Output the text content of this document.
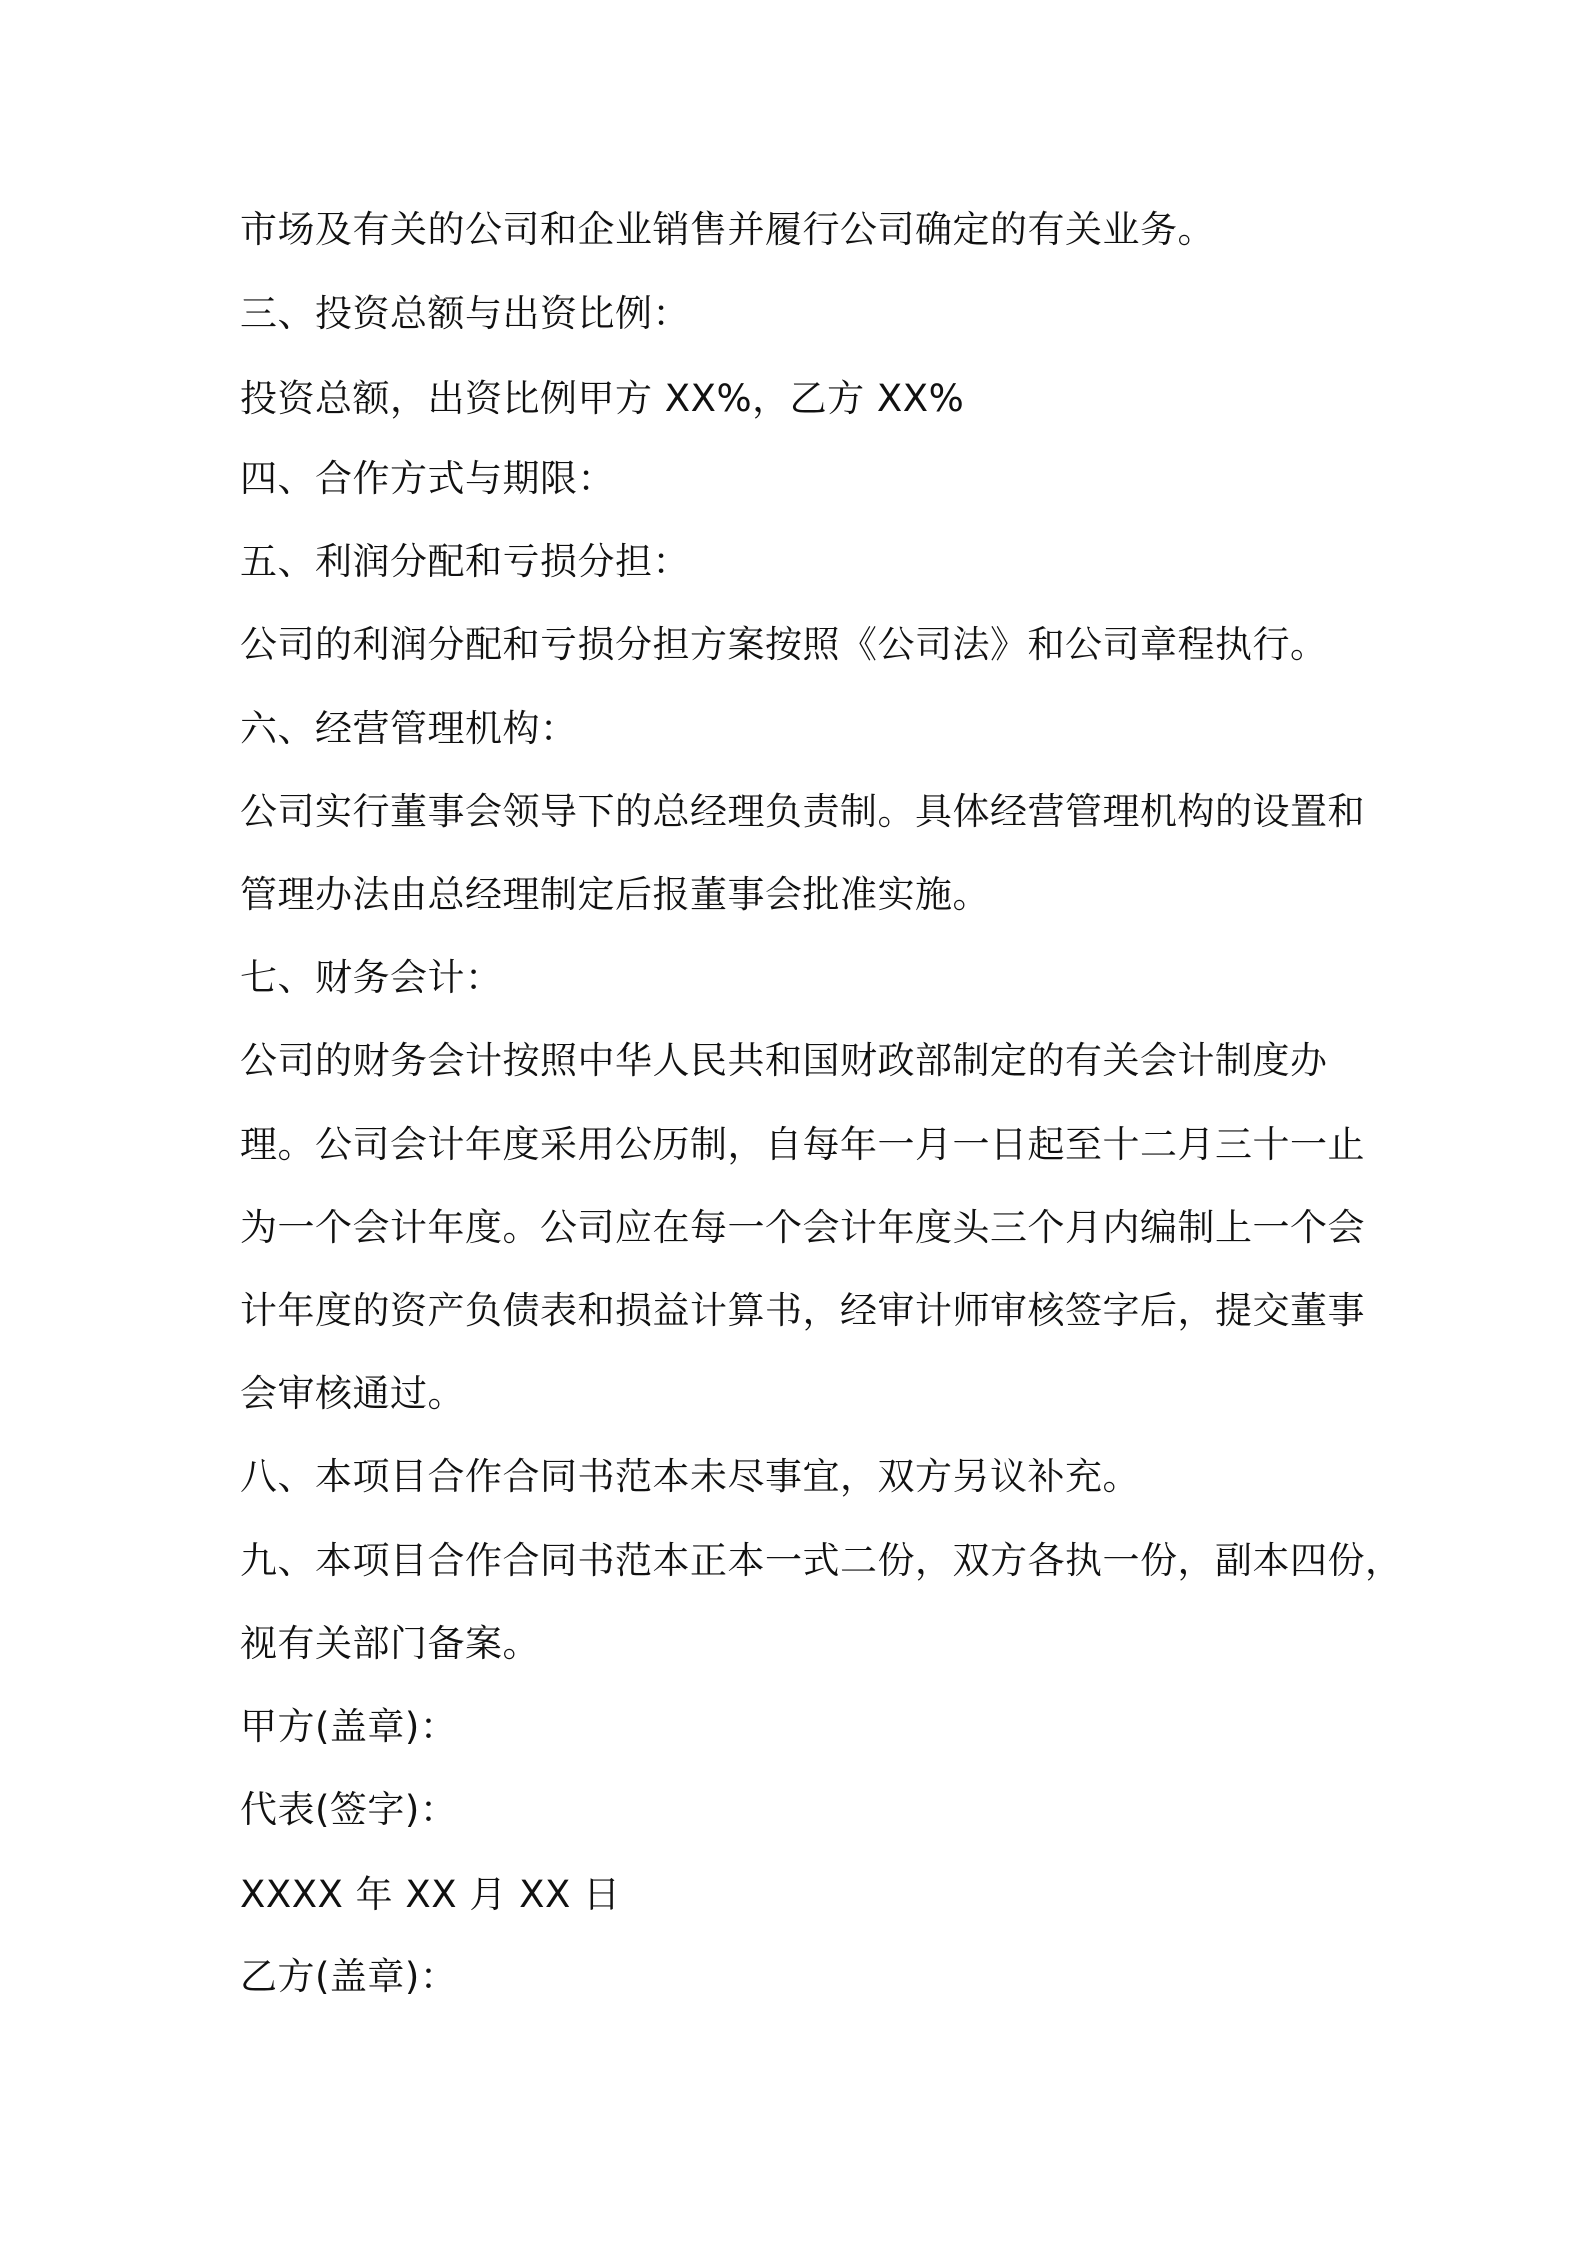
市场及有关的公司和企业销售并履行公司确定的有关业务。
三、投资总额与出资比例：
投资总额，出资比例甲方 XX%，乙方 XX%
四、合作方式与期限：
五、利润分配和亏损分担：
公司的利润分配和亏损分担方案按照《公司法》和公司章程执行。
六、经营管理机构：
公司实行董事会领导下的总经理负责制。具体经营管理机构的设置和
管理办法由总经理制定后报董事会批准实施。
七、财务会计：
公司的财务会计按照中华人民共和国财政部制定的有关会计制度办
理。公司会计年度采用公历制，自每年一月一日起至十二月三十一止
为一个会计年度。公司应在每一个会计年度头三个月内编制上一个会
计年度的资产负债表和损益计算书，经审计师审核签字后，提交董事
会审核通过。
八、本项目合作合同书范本未尽事宜，双方另议补充。
九、本项目合作合同书范本正本一式二份，双方各执一份，副本四份，
视有关部门备案。
甲方(盖章)：
代表(签字)：
XXXX 年 XX 月 XX 日
乙方(盖章)：
